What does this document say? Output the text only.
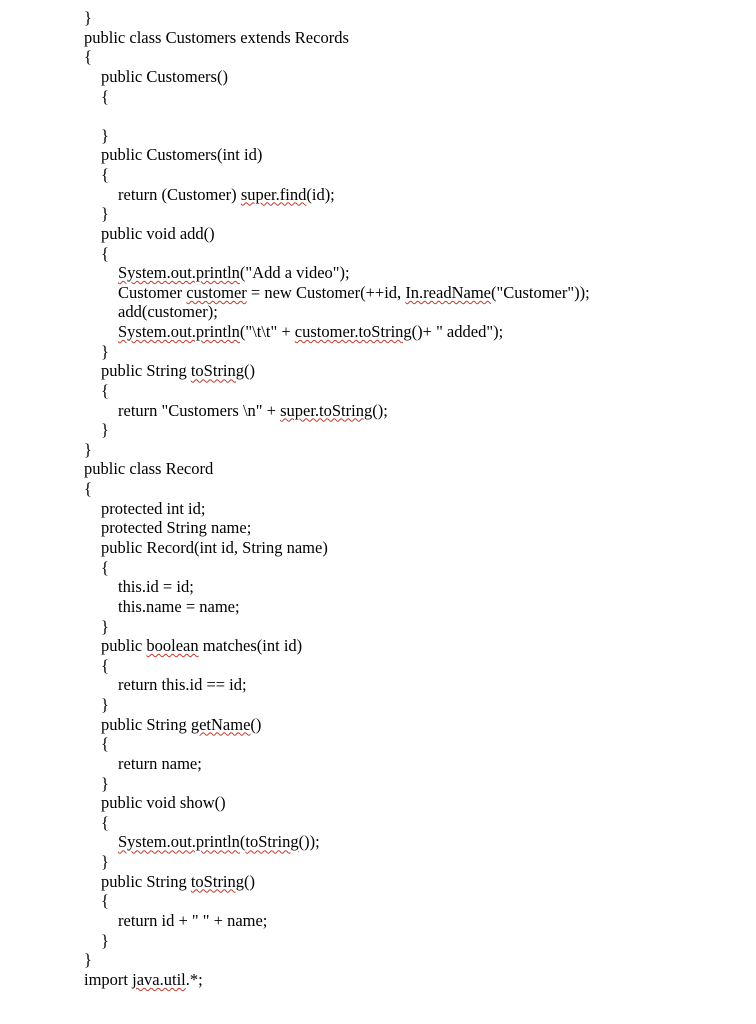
}
public class Customers extends Records
{
public Customers()
{
}
public Customers(int id)
{
return (Customer) super.find(id);
}
public void add()
{
System.out.println("Add a video");
Customer customer = new Customer(++id, In.readName("Customer"));
add(customer);
System.out.println("\t\t" + customer.toString()+ " added");
}
public String toString()
{
return "Customers \n" + super.toString();
}
}
public class Record
{
protected int id;
protected String name;
public Record(int id, String name)
{
this.id = id;
this.name = name;
}
public boolean matches(int id)
{
return this.id == id;
}
public String getName()
{
return name;
}
public void show()
{
System.out.println(toString());
}
public String toString()
{
return id + " " + name;
}
}
import java.util.*;
